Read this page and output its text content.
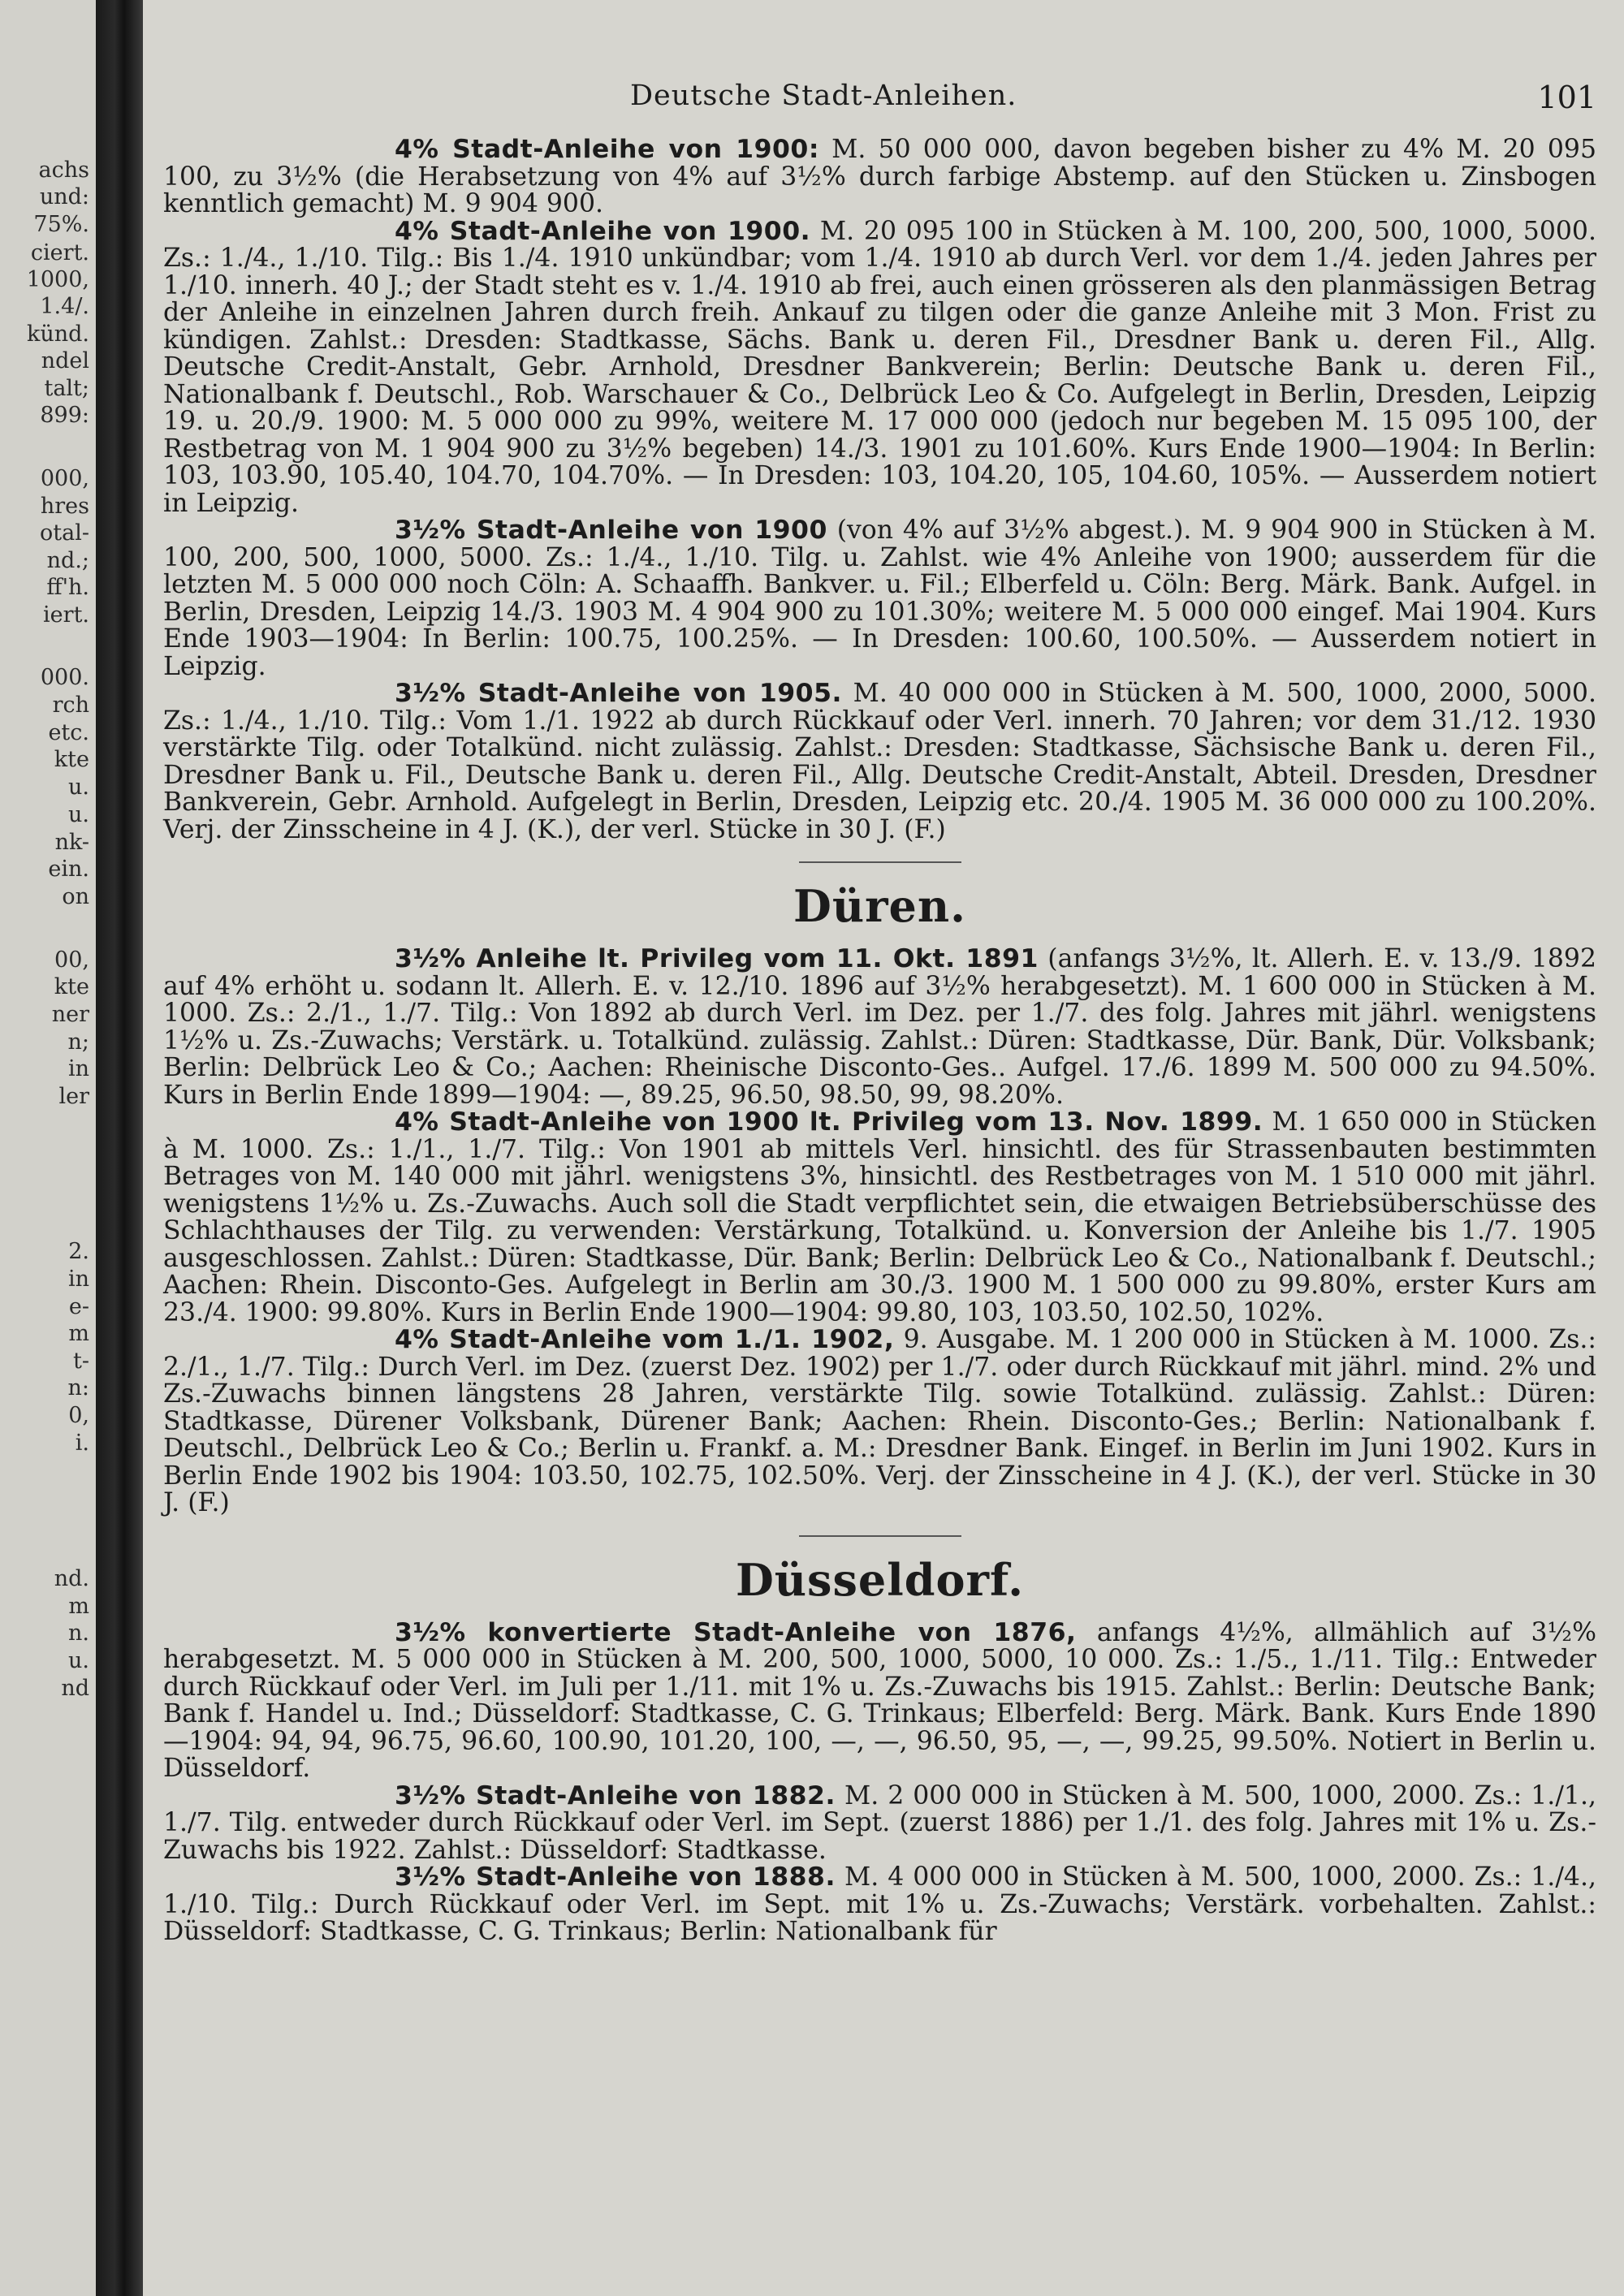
achs
und:
75%.
ciert.
1000,
1.4/.
künd.
ndel
talt;
899:
000,
hres
otal-
nd.;
ff'h.
iert.
000.
rch
etc.
kte
u.
u.
nk-
ein.
on
00,
kte
ner
n;
in
ler
2.
in
e-
m
t-
n:
0,
i.
nd.
m
n.
u.
nd
Deutsche Stadt-Anleihen.	101

4% Stadt-Anleihe von 1900: M. 50 000 000, davon begeben bisher zu 4% M. 20 095 100, zu 3½% (die Herabsetzung von 4% auf 3½% durch farbige Abstemp. auf den Stücken u. Zinsbogen kenntlich gemacht) M. 9 904 900.

4% Stadt-Anleihe von 1900. M. 20 095 100 in Stücken à M. 100, 200, 500, 1000, 5000. Zs.: 1./4., 1./10. Tilg.: Bis 1./4. 1910 unkündbar; vom 1./4. 1910 ab durch Verl. vor dem 1./4. jeden Jahres per 1./10. innerh. 40 J.; der Stadt steht es v. 1./4. 1910 ab frei, auch einen grösseren als den planmässigen Betrag der Anleihe in einzelnen Jahren durch freih. Ankauf zu tilgen oder die ganze Anleihe mit 3 Mon. Frist zu kündigen. Zahlst.: Dresden: Stadtkasse, Sächs. Bank u. deren Fil., Dresdner Bank u. deren Fil., Allg. Deutsche Credit-Anstalt, Gebr. Arnhold, Dresdner Bankverein; Berlin: Deutsche Bank u. deren Fil., Nationalbank f. Deutschl., Rob. Warschauer & Co., Delbrück Leo & Co. Aufgelegt in Berlin, Dresden, Leipzig 19. u. 20./9. 1900: M. 5 000 000 zu 99%, weitere M. 17 000 000 (jedoch nur begeben M. 15 095 100, der Restbetrag von M. 1 904 900 zu 3½% begeben) 14./3. 1901 zu 101.60%. Kurs Ende 1900—1904: In Berlin: 103, 103.90, 105.40, 104.70, 104.70%. — In Dresden: 103, 104.20, 105, 104.60, 105%. — Ausserdem notiert in Leipzig.

3½% Stadt-Anleihe von 1900 (von 4% auf 3½% abgest.). M. 9 904 900 in Stücken à M. 100, 200, 500, 1000, 5000. Zs.: 1./4., 1./10. Tilg. u. Zahlst. wie 4% Anleihe von 1900; ausserdem für die letzten M. 5 000 000 noch Cöln: A. Schaaffh. Bankver. u. Fil.; Elberfeld u. Cöln: Berg. Märk. Bank. Aufgel. in Berlin, Dresden, Leipzig 14./3. 1903 M. 4 904 900 zu 101.30%; weitere M. 5 000 000 eingef. Mai 1904. Kurs Ende 1903—1904: In Berlin: 100.75, 100.25%. — In Dresden: 100.60, 100.50%. — Ausserdem notiert in Leipzig.

3½% Stadt-Anleihe von 1905. M. 40 000 000 in Stücken à M. 500, 1000, 2000, 5000. Zs.: 1./4., 1./10. Tilg.: Vom 1./1. 1922 ab durch Rückkauf oder Verl. innerh. 70 Jahren; vor dem 31./12. 1930 verstärkte Tilg. oder Totalkünd. nicht zulässig. Zahlst.: Dresden: Stadtkasse, Sächsische Bank u. deren Fil., Dresdner Bank u. Fil., Deutsche Bank u. deren Fil., Allg. Deutsche Credit-Anstalt, Abteil. Dresden, Dresdner Bankverein, Gebr. Arnhold. Aufgelegt in Berlin, Dresden, Leipzig etc. 20./4. 1905 M. 36 000 000 zu 100.20%. Verj. der Zinsscheine in 4 J. (K.), der verl. Stücke in 30 J. (F.)

Düren.

3½% Anleihe lt. Privileg vom 11. Okt. 1891 (anfangs 3½%, lt. Allerh. E. v. 13./9. 1892 auf 4% erhöht u. sodann lt. Allerh. E. v. 12./10. 1896 auf 3½% herabgesetzt). M. 1 600 000 in Stücken à M. 1000. Zs.: 2./1., 1./7. Tilg.: Von 1892 ab durch Verl. im Dez. per 1./7. des folg. Jahres mit jährl. wenigstens 1½% u. Zs.-Zuwachs; Verstärk. u. Totalkünd. zulässig. Zahlst.: Düren: Stadtkasse, Dür. Bank, Dür. Volksbank; Berlin: Delbrück Leo & Co.; Aachen: Rheinische Disconto-Ges.. Aufgel. 17./6. 1899 M. 500 000 zu 94.50%. Kurs in Berlin Ende 1899—1904: —, 89.25, 96.50, 98.50, 99, 98.20%.

4% Stadt-Anleihe von 1900 lt. Privileg vom 13. Nov. 1899. M. 1 650 000 in Stücken à M. 1000. Zs.: 1./1., 1./7. Tilg.: Von 1901 ab mittels Verl. hinsichtl. des für Strassenbauten bestimmten Betrages von M. 140 000 mit jährl. wenigstens 3%, hinsichtl. des Restbetrages von M. 1 510 000 mit jährl. wenigstens 1½% u. Zs.-Zuwachs. Auch soll die Stadt verpflichtet sein, die etwaigen Betriebsüberschüsse des Schlachthauses der Tilg. zu verwenden: Verstärkung, Totalkünd. u. Konversion der Anleihe bis 1./7. 1905 ausgeschlossen. Zahlst.: Düren: Stadtkasse, Dür. Bank; Berlin: Delbrück Leo & Co., Nationalbank f. Deutschl.; Aachen: Rhein. Disconto-Ges. Aufgelegt in Berlin am 30./3. 1900 M. 1 500 000 zu 99.80%, erster Kurs am 23./4. 1900: 99.80%. Kurs in Berlin Ende 1900—1904: 99.80, 103, 103.50, 102.50, 102%.

4% Stadt-Anleihe vom 1./1. 1902, 9. Ausgabe. M. 1 200 000 in Stücken à M. 1000. Zs.: 2./1., 1./7. Tilg.: Durch Verl. im Dez. (zuerst Dez. 1902) per 1./7. oder durch Rückkauf mit jährl. mind. 2% und Zs.-Zuwachs binnen längstens 28 Jahren, verstärkte Tilg. sowie Totalkünd. zulässig. Zahlst.: Düren: Stadtkasse, Dürener Volksbank, Dürener Bank; Aachen: Rhein. Disconto-Ges.; Berlin: Nationalbank f. Deutschl., Delbrück Leo & Co.; Berlin u. Frankf. a. M.: Dresdner Bank. Eingef. in Berlin im Juni 1902. Kurs in Berlin Ende 1902 bis 1904: 103.50, 102.75, 102.50%. Verj. der Zinsscheine in 4 J. (K.), der verl. Stücke in 30 J. (F.)

Düsseldorf.

3½% konvertierte Stadt-Anleihe von 1876, anfangs 4½%, allmählich auf 3½% herabgesetzt. M. 5 000 000 in Stücken à M. 200, 500, 1000, 5000, 10 000. Zs.: 1./5., 1./11. Tilg.: Entweder durch Rückkauf oder Verl. im Juli per 1./11. mit 1% u. Zs.-Zuwachs bis 1915. Zahlst.: Berlin: Deutsche Bank; Bank f. Handel u. Ind.; Düsseldorf: Stadtkasse, C. G. Trinkaus; Elberfeld: Berg. Märk. Bank. Kurs Ende 1890—1904: 94, 94, 96.75, 96.60, 100.90, 101.20, 100, —, —, 96.50, 95, —, —, 99.25, 99.50%. Notiert in Berlin u. Düsseldorf.

3½% Stadt-Anleihe von 1882. M. 2 000 000 in Stücken à M. 500, 1000, 2000. Zs.: 1./1., 1./7. Tilg. entweder durch Rückkauf oder Verl. im Sept. (zuerst 1886) per 1./1. des folg. Jahres mit 1% u. Zs.-Zuwachs bis 1922. Zahlst.: Düsseldorf: Stadtkasse.

3½% Stadt-Anleihe von 1888. M. 4 000 000 in Stücken à M. 500, 1000, 2000. Zs.: 1./4., 1./10. Tilg.: Durch Rückkauf oder Verl. im Sept. mit 1% u. Zs.-Zuwachs; Verstärk. vorbehalten. Zahlst.: Düsseldorf: Stadtkasse, C. G. Trinkaus; Berlin: Nationalbank für
